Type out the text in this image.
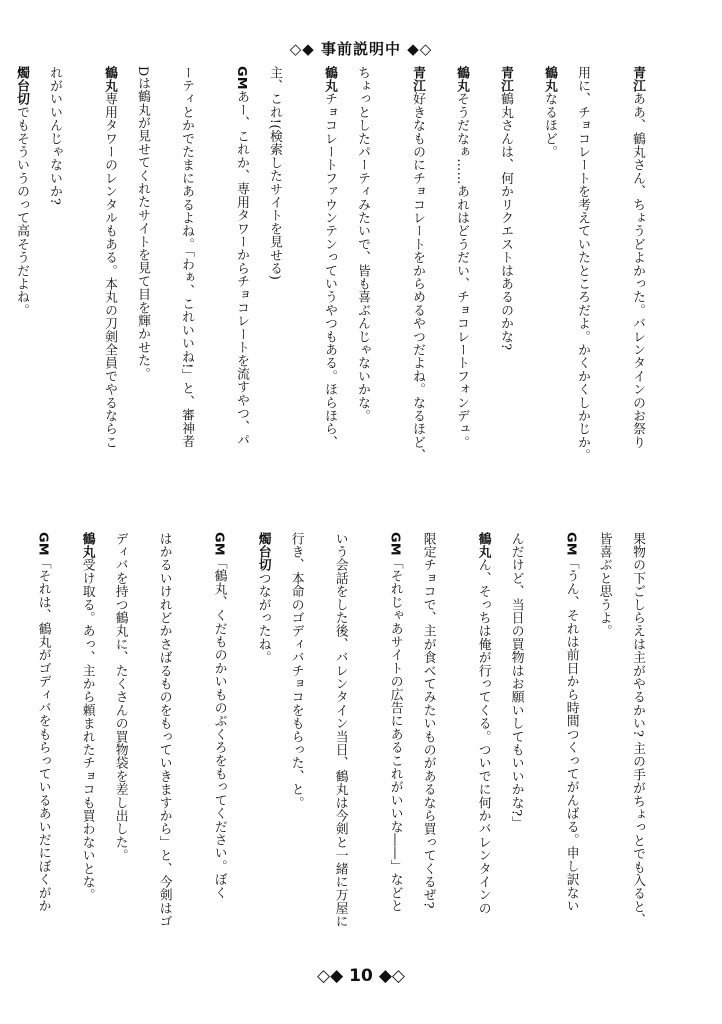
◇◆ 事前説明中 ◆◇
青江ああ、鶴丸さん、ちょうどよかった。バレンタインのお祭り
用に、チョコレートを考えていたところだよ。かくかくしかじか。
鶴丸なるほど。
青江鶴丸さんは、何かリクエストはあるのかな?
鶴丸そうだなぁ……あれはどうだい、チョコレートフォンデュ。
青江好きなものにチョコレートをからめるやつだよね。なるほど、
ちょっとしたパーティみたいで、皆も喜ぶんじゃないかな。
鶴丸チョコレートファウンテンっていうやつもある。ほらほら、
主、これ!(検索したサイトを見せる)
GMあー、これか、専用タワーからチョコレートを流すやつ、パ
ーティとかでたまにあるよね。「わぁ、これいいね!」と、審神者
Dは鶴丸が見せてくれたサイトを見て目を輝かせた。
鶴丸専用タワーのレンタルもある。本丸の刀剣全員でやるならこ
れがいいんじゃないか?
燭台切でもそういうのって高そうだよね。
果物の下ごしらえは主がやるかい? 主の手がちょっとでも入ると、
皆喜ぶと思うよ。
GM「うん、それは前日から時間つくってがんばる。申し訳ない
んだけど、当日の買物はお願いしてもいいかな?」
鶴丸ん、そっちは俺が行ってくる。ついでに何かバレンタインの
限定チョコで、主が食べてみたいものがあるなら買ってくるぜ?
GM「それじゃあサイトの広告にあるこれがいいな――」などと
いう会話をした後、バレンタイン当日、鶴丸は今剣と一緒に万屋に
行き、本命のゴディバチョコをもらった、と。
燭台切つながったね。
GM「鶴丸、くだものかいものぶくろをもってください。ぼく
はかるいけれどかさばるものをもっていきますから」と、今剣はゴ
ディバを持つ鶴丸に、たくさんの買物袋を差し出した。
鶴丸受け取る。あっ、主から頼まれたチョコも買わないとな。
GM「それは、鶴丸がゴディバをもらっているあいだにぼくがか
◇◆ 10 ◆◇
